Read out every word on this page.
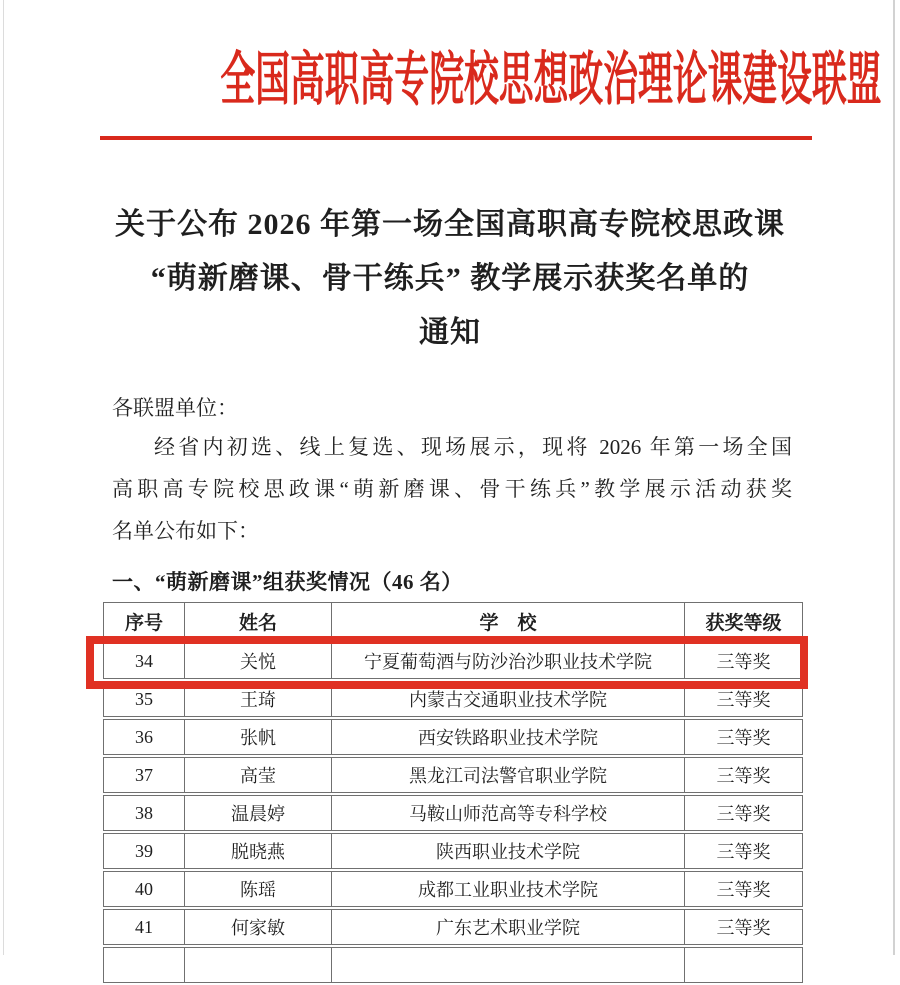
全国高职高专院校思想政治理论课建设联盟
关于公布 2026 年第一场全国高职高专院校思政课
“萌新磨课、骨干练兵” 教学展示获奖名单的
通知
各联盟单位：
经省内初选、线上复选、现场展示，现将 2026 年第一场全国
高职高专院校思政课“萌新磨课、骨干练兵”教学展示活动获奖
名单公布如下：
一、“萌新磨课”组获奖情况（46 名）
序号	姓名	学　校	获奖等级
34	关悦	宁夏葡萄酒与防沙治沙职业技术学院	三等奖
35	王琦	内蒙古交通职业技术学院	三等奖
36	张帆	西安铁路职业技术学院	三等奖
37	高莹	黑龙江司法警官职业学院	三等奖
38	温晨婷	马鞍山师范高等专科学校	三等奖
39	脱晓燕	陕西职业技术学院	三等奖
40	陈瑶	成都工业职业技术学院	三等奖
41	何家敏	广东艺术职业学院	三等奖
